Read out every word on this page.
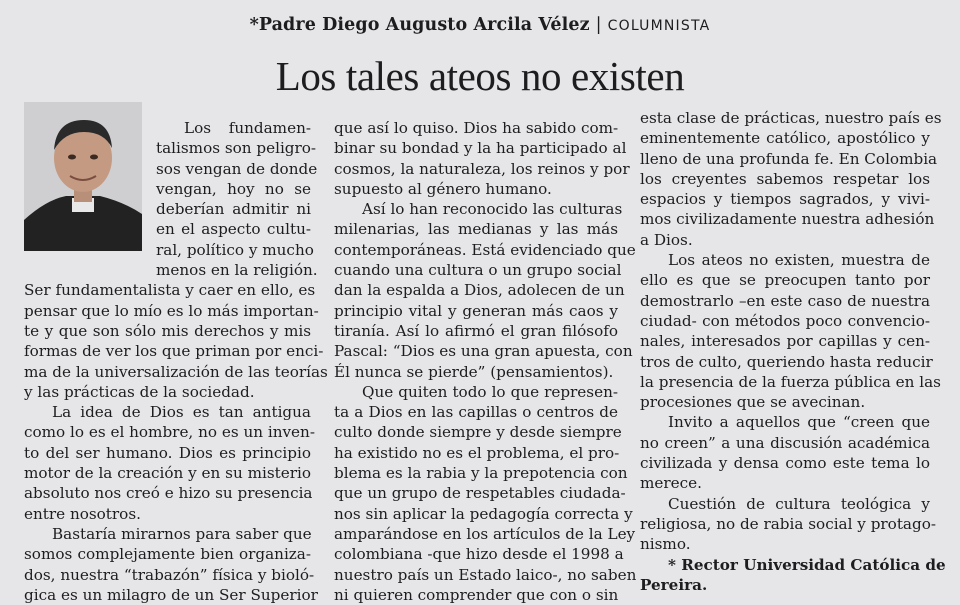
*Padre Diego Augusto Arcila Vélez | COLUMNISTA
Los tales ateos no existen
Los fundamen-
talismos son peligro-
sos vengan de donde
vengan, hoy no se
deberían admitir ni
en el aspecto cultu-
ral, político y mucho
menos en la religión.
Ser fundamentalista y caer en ello, es
pensar que lo mío es lo más importan-
te y que son sólo mis derechos y mis
formas de ver los que priman por enci-
ma de la universalización de las teorías
y las prácticas de la sociedad.
La idea de Dios es tan antigua
como lo es el hombre, no es un inven-
to del ser humano. Dios es principio
motor de la creación y en su misterio
absoluto nos creó e hizo su presencia
entre nosotros.
Bastaría mirarnos para saber que
somos complejamente bien organiza-
dos, nuestra “trabazón” física y bioló-
gica es un milagro de un Ser Superior
que así lo quiso. Dios ha sabido com-
binar su bondad y la ha participado al
cosmos, la naturaleza, los reinos y por
supuesto al género humano.
Así lo han reconocido las culturas
milenarias, las medianas y las más
contemporáneas. Está evidenciado que
cuando una cultura o un grupo social
dan la espalda a Dios, adolecen de un
principio vital y generan más caos y
tiranía. Así lo afirmó el gran filósofo
Pascal: “Dios es una gran apuesta, con
Él nunca se pierde” (pensamientos).
Que quiten todo lo que represen-
ta a Dios en las capillas o centros de
culto donde siempre y desde siempre
ha existido no es el problema, el pro-
blema es la rabia y la prepotencia con
que un grupo de respetables ciudada-
nos sin aplicar la pedagogía correcta y
amparándose en los artículos de la Ley
colombiana -que hizo desde el 1998 a
nuestro país un Estado laico-, no saben
ni quieren comprender que con o sin
esta clase de prácticas, nuestro país es
eminentemente católico, apostólico y
lleno de una profunda fe. En Colombia
los creyentes sabemos respetar los
espacios y tiempos sagrados, y vivi-
mos civilizadamente nuestra adhesión
a Dios.
Los ateos no existen, muestra de
ello es que se preocupen tanto por
demostrarlo –en este caso de nuestra
ciudad- con métodos poco convencio-
nales, interesados por capillas y cen-
tros de culto, queriendo hasta reducir
la presencia de la fuerza pública en las
procesiones que se avecinan.
Invito a aquellos que “creen que
no creen” a una discusión académica
civilizada y densa como este tema lo
merece.
Cuestión de cultura teológica y
religiosa, no de rabia social y protago-
nismo.
* Rector Universidad Católica de
Pereira.
